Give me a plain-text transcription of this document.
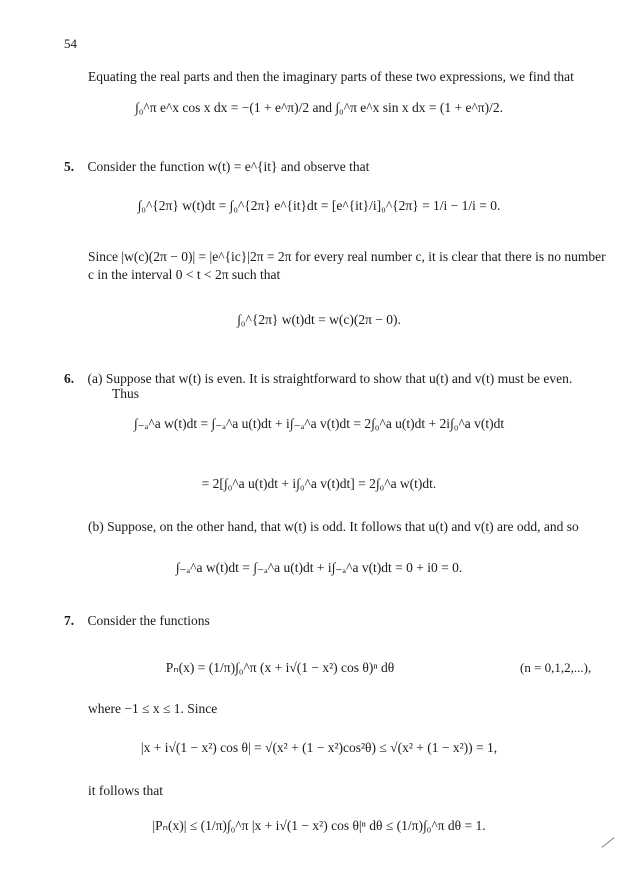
54
Equating the real parts and then the imaginary parts of these two expressions, we find that
∫₀^π e^x cos x dx = −(1 + e^π)/2 and ∫₀^π e^x sin x dx = (1 + e^π)/2.
5. Consider the function w(t) = e^{it} and observe that
∫₀^{2π} w(t)dt = ∫₀^{2π} e^{it}dt = [e^{it}/i]₀^{2π} = 1/i − 1/i = 0.
Since |w(c)(2π − 0)| = |e^{ic}|2π = 2π for every real number c, it is clear that there is no number
c in the interval 0 < t < 2π such that
∫₀^{2π} w(t)dt = w(c)(2π − 0).
6. (a) Suppose that w(t) is even. It is straightforward to show that u(t) and v(t) must be even.
Thus
∫₋ₐ^a w(t)dt = ∫₋ₐ^a u(t)dt + i∫₋ₐ^a v(t)dt = 2∫₀^a u(t)dt + 2i∫₀^a v(t)dt
= 2[∫₀^a u(t)dt + i∫₀^a v(t)dt] = 2∫₀^a w(t)dt.
(b) Suppose, on the other hand, that w(t) is odd. It follows that u(t) and v(t) are odd, and so
∫₋ₐ^a w(t)dt = ∫₋ₐ^a u(t)dt + i∫₋ₐ^a v(t)dt = 0 + i0 = 0.
7. Consider the functions
Pₙ(x) = (1/π)∫₀^π (x + i√(1 − x²) cos θ)ⁿ dθ	(n = 0,1,2,...),
where −1 ≤ x ≤ 1. Since
|x + i√(1 − x²) cos θ| = √(x² + (1 − x²)cos²θ) ≤ √(x² + (1 − x²)) = 1,
it follows that
|Pₙ(x)| ≤ (1/π)∫₀^π |x + i√(1 − x²) cos θ|ⁿ dθ ≤ (1/π)∫₀^π dθ = 1.
